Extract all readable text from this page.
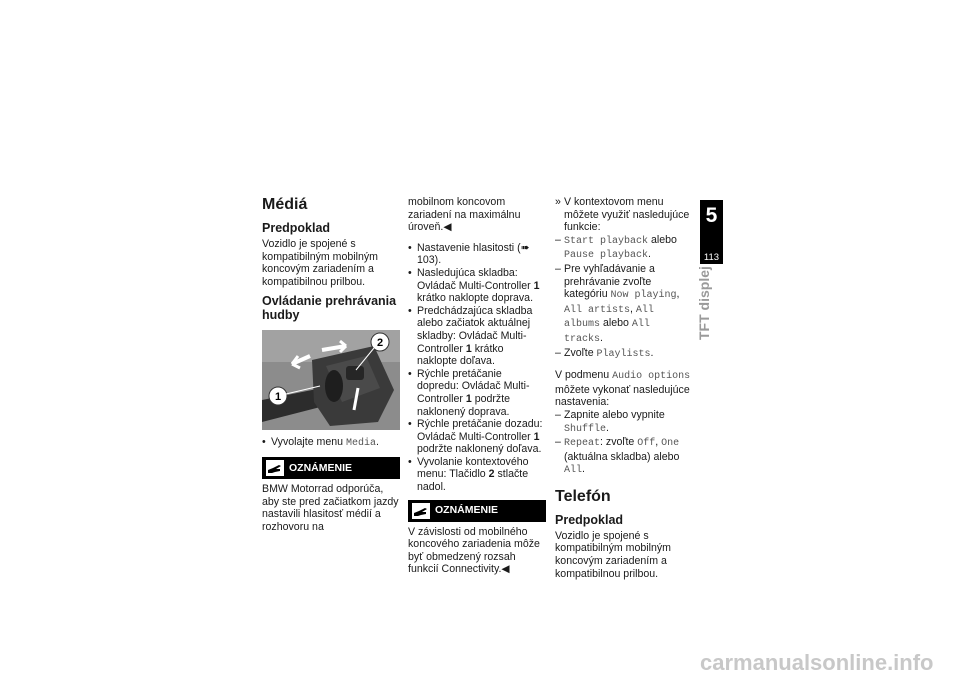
Médiá
Predpoklad

Vozidlo je spojené s kompatibilným mobilným koncovým zariadením a kompatibilnou prilbou.

Ovládanie prehrávania hudby
1
2
• Vyvolajte menu Media.
OZNÁMENIE

BMW Motorrad odporúča, aby ste pred začiatkom jazdy nastavili hlasitosť médií a rozhovoru na

mobilnom koncovom zariadení na maximálnu úroveň.◀

• Nastavenie hlasitosti (➠ 103).
• Nasledujúca skladba: Ovládač Multi-Controller 1 krátko naklopte doprava.
• Predchádzajúca skladba alebo začiatok aktuálnej skladby: Ovládač Multi-Controller 1 krátko naklopte doľava.
• Rýchle pretáčanie dopredu: Ovládač Multi-Controller 1 podržte naklonený doprava.
• Rýchle pretáčanie dozadu: Ovládač Multi-Controller 1 podržte naklonený doľava.
• Vyvolanie kontextového menu: Tlačidlo 2 stlačte nadol.
OZNÁMENIE

V závislosti od mobilného koncového zariadenia môže byť obmedzený rozsah funkcií Connectivity.◀

» V kontextovom menu môžete využiť nasledujúce funkcie:
– Start playback alebo Pause playback.
– Pre vyhľadávanie a prehrávanie zvoľte kategóriu Now playing, All artists, All albums alebo All tracks.
– Zvoľte Playlists.

V podmenu Audio options môžete vykonať nasledujúce nastavenia:

– Zapnite alebo vypnite Shuffle.
– Repeat: zvoľte Off, One (aktuálna skladba) alebo All.
Telefón
Predpoklad

Vozidlo je spojené s kompatibilným mobilným koncovým zariadením a kompatibilnou prilbou.

5
113
TFT displej
carmanualsonline.info
